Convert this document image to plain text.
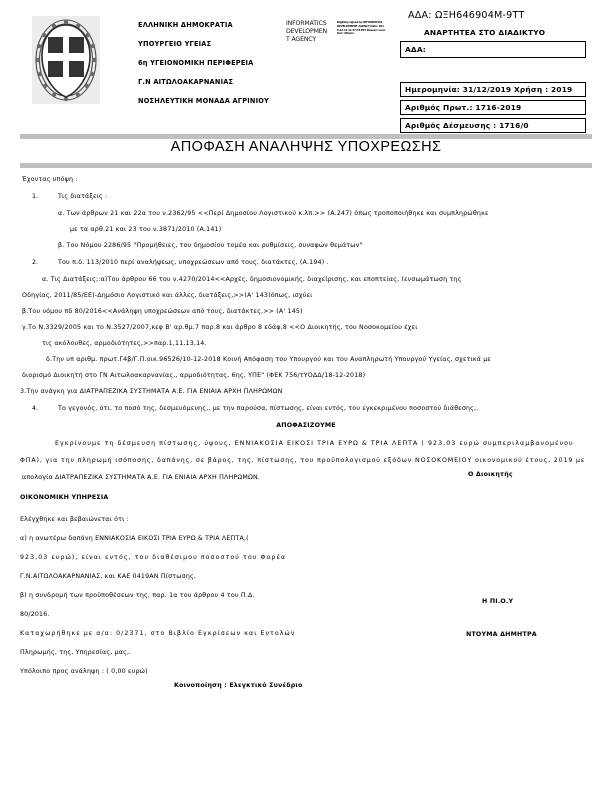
ΕΛΛΗΝΙΚΗ ΔΗΜΟΚΡΑΤΙΑ
ΥΠΟΥΡΓΕΙΟ ΥΓΕΙΑΣ
6η ΥΓΕΙΟΝΟΜΙΚΗ ΠΕΡΙΦΕΡΕΙΑ
Γ.Ν ΑΙΤΩΛΟΑΚΑΡΝΑΝΙΑΣ
ΝΟΣΗΛΕΥΤΙΚΗ ΜΟΝΑΔΑ ΑΓΡΙΝΙΟΥ
INFORMATICS
DEVELOPMEN
T AGENCY
Digitally signed by INFORMATICS DEVELOPMENT AGENCY Date: 2019.12.31 11:17:33 EET Reason: Location: Athens
ΑΔΑ: ΩΞΗ646904Μ-9ΤΤ
ΑΝΑΡΤΗΤΕΑ ΣΤΟ ΔΙΑΔΙΚΤΥΟ
ΑΔΑ:
Ημερομηνία: 31/12/2019 Χρήση : 2019
Αριθμός Πρωτ.: 1716-2019
Αριθμός Δέσμευσης : 1716/0
ΑΠΟΦΑΣΗ ΑΝΑΛΗΨΗΣ ΥΠΟΧΡΕΩΣΗΣ
Έχοντας υπόψη :
1.	Τις διατάξεις :
α. Των άρθρων 21 και 22α του ν.2362/95 <<Περί Δημοσίου Λογιστικού κ.λπ.>> (Α.247) όπως τροποποιήθηκε και συμπληρώθηκε
με τα αρθ.21 και 23 του ν.3871/2010 (Α.141)
β. Του Νόμου 2286/95 "Προμήθειες, του δημοσίου τομέα και ρυθμίσεις, συναφών θεμάτων"
2.	Του π.δ. 113/2010 περί αναλήψεως, υποχρεώσεων από τους, διατάκτες, (Α.194) .
α. Τις Διατάξεις;:α)Του άρθρου 66 του ν.4270/2014<<Αρχές, δημοσιονομικής, διαχείρισης, και εποπτείας, (ενσωμάτωση της
Οδηγίας, 2011/85/ΕΕ)-Δημόσιο Λογιστικό και άλλες, διατάξεις,>>(Α' 143)όπως, ισχύει
β.Του νόμου πδ 80/2016<<Ανάληψη υποχρεώσεων από τους, διατάκτες,>> (Α' 145)
γ.Το Ν.3329/2005 και το Ν.3527/2007,κεφ Β' αρ.θμ.7 παρ.8 και άρθρο 8 εδάφ.8 <<Ο Διοικητής, του Νοσοκομείου έχει
τις ακόλουθες, αρμοδιότητες,>>παρ.1,11,13,14.
δ.Την υπ αριθμ. πρωτ.Γ4β/Γ.Π.οικ.96526/10-12-2018 Κοινή Απόφαση του Υπουργού και του Αναπληρωτή Υπουργού Υγείας, σχετικά με
διορισμό Διοικητή στο ΓΝ Αιτωλοακαρνανίας,, αρμοδιότητας, 6ης, ΥΠΕ" (ΦΕΚ 756/τΥΟΔΔ/18-12-2018)
3.Την ανάγκη για ΔΙΑΤΡΑΠΕΖΙΚΑ ΣΥΣΤΗΜΑΤΑ Α.Ε. ΓΙΑ ΕΝΙΑΙΑ ΑΡΧΗ ΠΛΗΡΩΜΩΝ
4.	Το γεγονός, ότι, το ποσό της, δεσμευόμενης,, με την παρούσα, πίστωσης, είναι εντός, του εγκεκριμένου ποσοστού διάθεσης,.
ΑΠΟΦΑΣΙΖΟΥΜΕ
Εγκρίνουμε τη δέσμευση πίστωσης, ύψους, ΕΝΝΙΑΚΟΣΙΑ ΕΙΚΟΣΙ ΤΡΙΑ ΕΥΡΩ & ΤΡΙΑ ΛΕΠΤΑ ( 923,03 ευρώ συμπεριλαμβανομένου
ΦΠΑ), για την πληρωμή ισόποσης, δαπάνης, σε βάρος, της, πίστωσης, του προϋπολογισμού εξόδων ΝΟΣΟΚΟΜΕΙΟΥ οικονομικού έτους, 2019 με
απολογία ΔΙΑΤΡΑΠΕΖΙΚΑ ΣΥΣΤΗΜΑΤΑ Α.Ε. ΓΙΑ ΕΝΙΑΙΑ ΑΡΧΗ ΠΛΗΡΩΜΩΝ.
ΟΙΚΟΝΟΜΙΚΗ ΥΠΗΡΕΣΙΑ
Ο Διοικητής
Ελέγχθηκε και βεβαιώνεται ότι :
α) η ανωτέρω δαπάνη ΕΝΝΙΑΚΟΣΙΑ ΕΙΚΟΣΙ ΤΡΙΑ ΕΥΡΩ & ΤΡΙΑ ΛΕΠΤΑ,(
923,03 ευρώ), είναι εντός, του διαθέσιμου ποσοστού του Φορέα
Γ.Ν.ΑΙΤΩΛΟΑΚΑΡΝΑΝΙΑΣ, και ΚΑΕ 0419ΑΝ Πίστωσης,
β) η συνδρομή των προϋποθέσεων της, παρ. 1α του άρθρου 4 του Π.Δ.
80/2016.
Καταχωρήθηκε με α/α: 0/2371, στο Βιβλίο Εγκρίσεων και Εντολών
Πληρωμής, της, Υπηρεσίας, μας,.
Υπόλοιπο προς ανάληψη : ( 0,00 ευρώ)
Κοινοποίηση : Ελεγκτικό Συνέδριο
Η ΠΙ.Ο.Υ
ΝΤΟΥΜΑ ΔΗΜΗΤΡΑ
